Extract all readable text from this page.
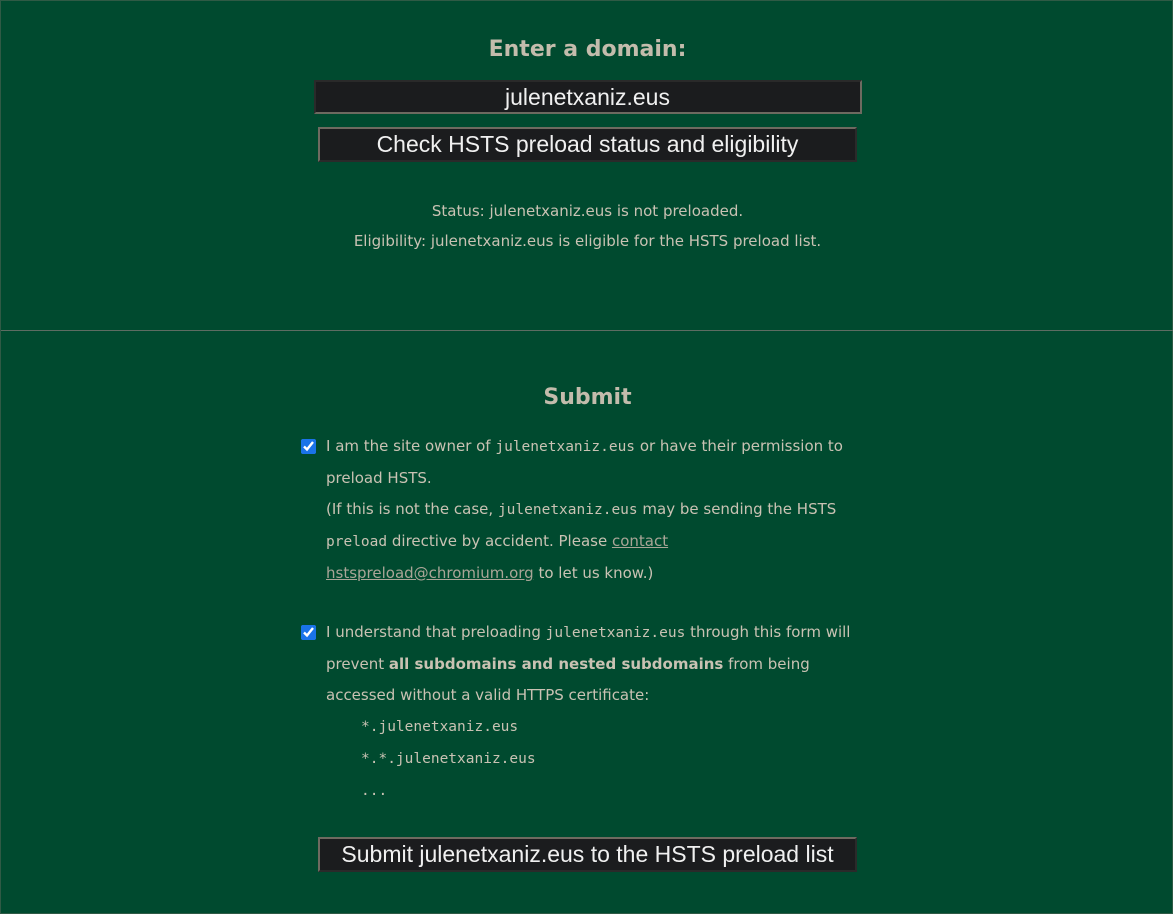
Enter a domain:
julenetxaniz.eus
Check HSTS preload status and eligibility
Status: julenetxaniz.eus is not preloaded.
Eligibility: julenetxaniz.eus is eligible for the HSTS preload list.
Submit
I am the site owner of julenetxaniz.eus or have their permission to preload HSTS.
(If this is not the case, julenetxaniz.eus may be sending the HSTS preload directive by accident. Please contact hstspreload@chromium.org to let us know.)
I understand that preloading julenetxaniz.eus through this form will prevent all subdomains and nested subdomains from being accessed without a valid HTTPS certificate:
*.julenetxaniz.eus
*.*.julenetxaniz.eus
...
Submit julenetxaniz.eus to the HSTS preload list
